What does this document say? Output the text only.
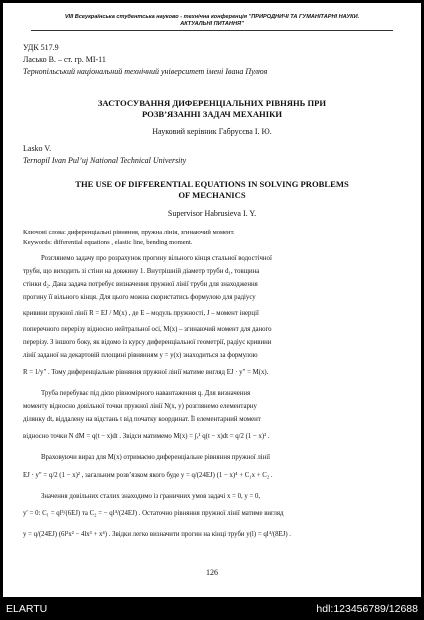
VIII Всеукраїнська студентська науково - технічна конференція "ПРИРОДНИЧІ ТА ГУМАНІТАРНІ НАУКИ.
АКТУАЛЬНІ ПИТАННЯ"
УДК 517.9
Ласько В. – ст. гр. МІ-11
Тернопільський національний технічний університет імені Івана Пулюя
ЗАСТОСУВАННЯ ДИФЕРЕНЦІАЛЬНИХ РІВНЯНЬ ПРИ
РОЗВ’ЯЗАННІ ЗАДАЧ МЕХАНІКИ
Науковий керівник Габрусєва І. Ю.
Lasko V.
Ternopil Ivan Pul’uj National Technical University
THE USE OF DIFFERENTIAL EQUATIONS IN SOLVING PROBLEMS
OF MECHANICS
Supervisor Habrusieva I. Y.
Ключові слова: диференціальні рівняння, пружна лінія, згинаючий момент.
Keywords: differential equations , elastic line, bending moment.
Розглянемо задачу про розрахунок прогину вільного кінця стальної водостічної
труби, що виходить зі стіни на довжину 1. Внутрішній діаметр труби d₁, товщина
стінки d₂. Дана задача потребує визначення пружної лінії труби для знаходження
прогину її вільного кінця. Для цього можна скористатись формулою для радіусу
кривини пружної лінії R = EJ / M(x) , де E – модуль пружності, J – момент інерції
поперечного перерізу відносно нейтральної осі, M(x) – згинаючий момент для даного
перерізу. З іншого боку, як відомо із курсу диференціальної геометрії, радіус кривини
лінії заданої на декартовій площині рівнянням y = y(x) знаходиться за формулою
R = 1/y″ . Тому диференціальне рівняння пружної лінії матиме вигляд EJ · y″ = M(x).
Труба перебуває під дією рівномірного навантаження q. Для визначення
моменту відносно довільної точки пружної лінії N(x, y) розглянемо елементарну
ділянку dt, віддалену на відстань t від початку координат. Її елементарний момент
відносно точки N dM = q(t − x)dt . Звідси матимемо M(x) = ∫ₓ¹ q(t − x)dt = q/2 (1 − x)² .
Враховуючи вираз для M(x) отримаємо диференціальне рівняння пружної лінії
EJ · y″ = q/2 (1 − x)² , загальним розв’язком якого буде y = q/(24EJ) (1 − x)⁴ + C₁x + C₂ .
Значення довільних сталих знаходимо із граничних умов задачі x = 0, y = 0,
y′ = 0: C₁ = ql³/(6EJ) та C₂ = − ql⁴/(24EJ) . Остаточно рівняння пружної лінії матиме вигляд
y = q/(24EJ) (6l²x² − 4lx³ + x⁴) . Звідки легко визначити прогин на кінці труби y(l) = ql⁴/(8EJ) .
126
ELARTU	hdl:123456789/12688
